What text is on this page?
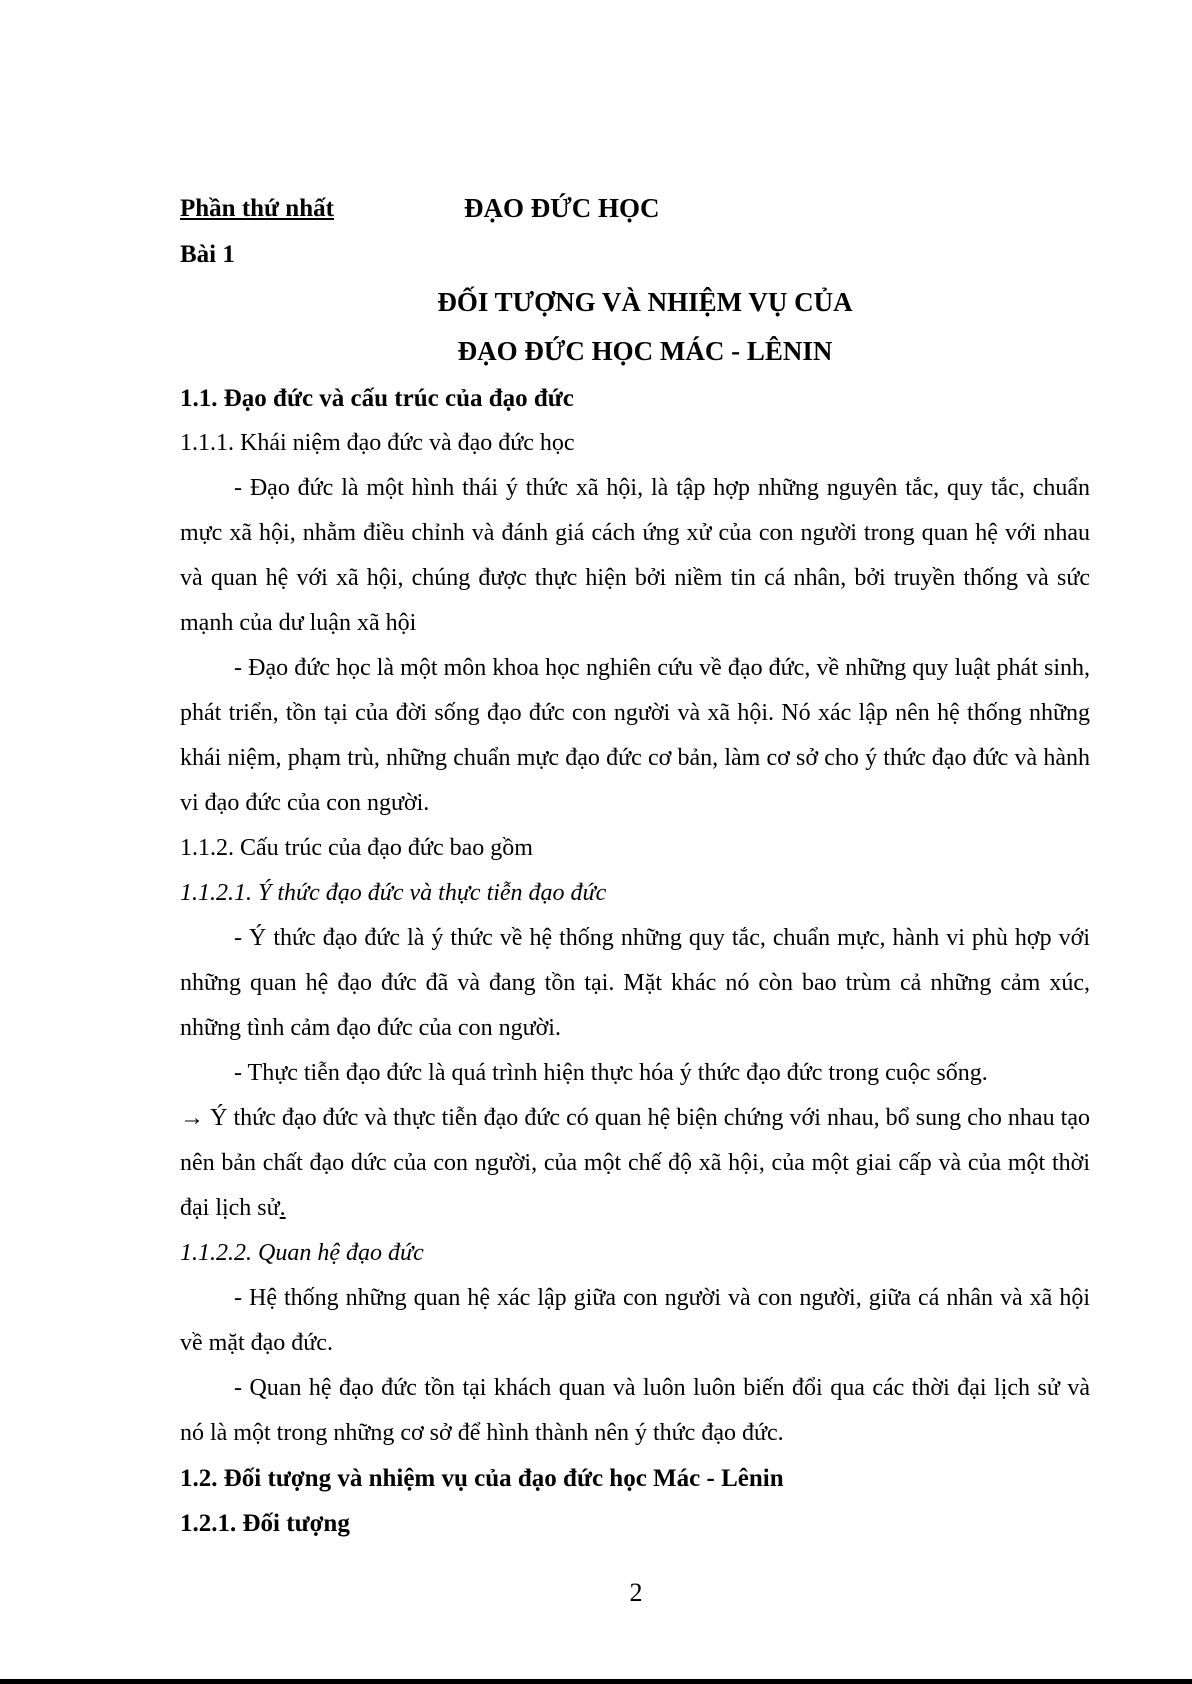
Phần thứ nhất	ĐẠO ĐỨC HỌC
Bài 1
ĐỐI TƯỢNG VÀ NHIỆM VỤ CỦA
ĐẠO ĐỨC HỌC MÁC - LÊNIN
1.1. Đạo đức và cấu trúc của đạo đức
1.1.1. Khái niệm đạo đức và đạo đức học
- Đạo đức là một hình thái ý thức xã hội, là tập hợp những nguyên tắc, quy tắc, chuẩn mực xã hội, nhằm điều chỉnh và đánh giá cách ứng xử của con người trong quan hệ với nhau và quan hệ với xã hội, chúng được thực hiện bởi niềm tin cá nhân, bởi truyền thống và sức mạnh của dư luận xã hội
- Đạo đức học là một môn khoa học nghiên cứu về đạo đức, về những quy luật phát sinh, phát triển, tồn tại của đời sống đạo đức con người và xã hội. Nó xác lập nên hệ thống những khái niệm, phạm trù, những chuẩn mực đạo đức cơ bản, làm cơ sở cho ý thức đạo đức và hành vi đạo đức của con người.
1.1.2. Cấu trúc của đạo đức bao gồm
1.1.2.1. Ý thức đạo đức và thực tiễn đạo đức
- Ý thức đạo đức là ý thức về hệ thống những quy tắc, chuẩn mực, hành vi phù hợp với những quan hệ đạo đức đã và đang tồn tại. Mặt khác nó còn bao trùm cả những cảm xúc, những tình cảm đạo đức của con người.
- Thực tiễn đạo đức là quá trình hiện thực hóa ý thức đạo đức trong cuộc sống.
→ Ý thức đạo đức và thực tiễn đạo đức có quan hệ biện chứng với nhau, bổ sung cho nhau tạo nên bản chất đạo dức của con người, của một chế độ xã hội, của một giai cấp và của một thời đại lịch sử.
1.1.2.2. Quan hệ đạo đức
- Hệ thống những quan hệ xác lập giữa con người và con người, giữa cá nhân và xã hội về mặt đạo đức.
- Quan hệ đạo đức tồn tại khách quan và luôn luôn biến đổi qua các thời đại lịch sử và nó là một trong những cơ sở để hình thành nên ý thức đạo đức.
1.2. Đối tượng và nhiệm vụ của đạo đức học Mác - Lênin
1.2.1. Đối tượng
2
